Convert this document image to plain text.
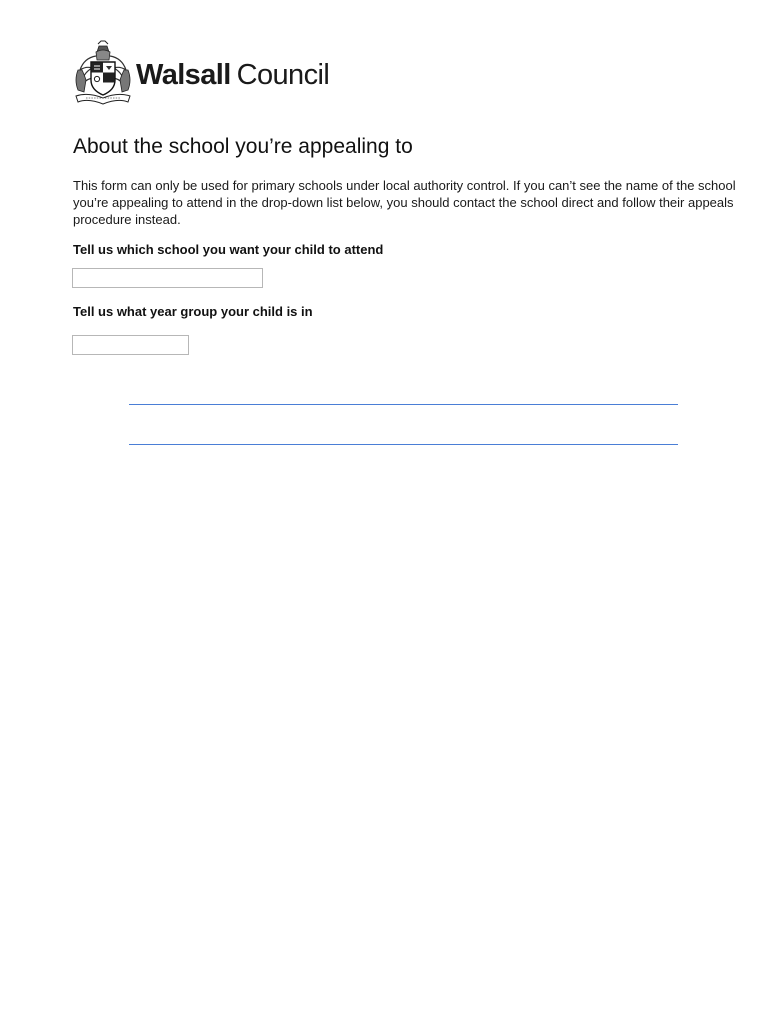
Walsall Council
About the school you’re appealing to

This form can only be used for primary schools under local authority control. If you can’t see the name of the school you’re appealing to attend in the drop-down list below, you should contact the school direct and follow their appeals procedure instead.

Tell us which school you want your child to attend

Tell us what year group your child is in
